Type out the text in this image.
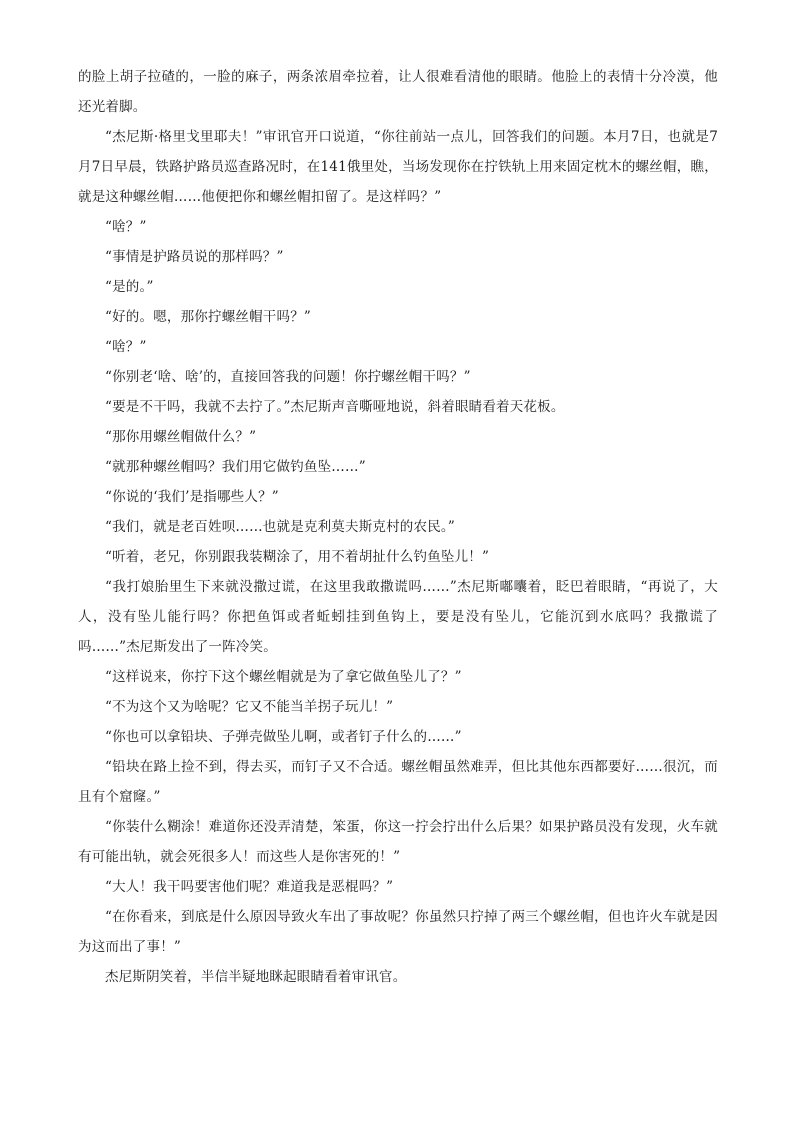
的脸上胡子拉碴的，一脸的麻子，两条浓眉牵拉着，让人很难看清他的眼睛。他脸上的表情十分冷漠，他还光着脚。

“杰尼斯·格里戈里耶夫！”审讯官开口说道，“你往前站一点儿，回答我们的问题。本月7日，也就是7月7日早晨，铁路护路员巡查路况时，在141俄里处，当场发现你在拧铁轨上用来固定枕木的螺丝帽，瞧，就是这种螺丝帽……他便把你和螺丝帽扣留了。是这样吗？”

“啥？”

“事情是护路员说的那样吗？”

“是的。”

“好的。嗯，那你拧螺丝帽干吗？”

“啥？”

“你别老‘啥、啥’的，直接回答我的问题！你拧螺丝帽干吗？”

“要是不干吗，我就不去拧了。”杰尼斯声音嘶哑地说，斜着眼睛看着天花板。

“那你用螺丝帽做什么？”

“就那种螺丝帽吗？我们用它做钓鱼坠……”

“你说的‘我们’是指哪些人？”

“我们，就是老百姓呗……也就是克利莫夫斯克村的农民。”

“听着，老兄，你别跟我装糊涂了，用不着胡扯什么钓鱼坠儿！”

“我打娘胎里生下来就没撒过谎，在这里我敢撒谎吗……”杰尼斯嘟囔着，眨巴着眼睛，“再说了，大人，没有坠儿能行吗？你把鱼饵或者蚯蚓挂到鱼钩上，要是没有坠儿，它能沉到水底吗？我撒谎了吗……”杰尼斯发出了一阵冷笑。

“这样说来，你拧下这个螺丝帽就是为了拿它做鱼坠儿了？”

“不为这个又为啥呢？它又不能当羊拐子玩儿！”

“你也可以拿铅块、子弹壳做坠儿啊，或者钉子什么的……”

“铅块在路上捡不到，得去买，而钉子又不合适。螺丝帽虽然难弄，但比其他东西都要好……很沉，而且有个窟窿。”

“你装什么糊涂！难道你还没弄清楚，笨蛋，你这一拧会拧出什么后果？如果护路员没有发现，火车就有可能出轨，就会死很多人！而这些人是你害死的！”

“大人！我干吗要害他们呢？难道我是恶棍吗？”

“在你看来，到底是什么原因导致火车出了事故呢？你虽然只拧掉了两三个螺丝帽，但也许火车就是因为这而出了事！”

杰尼斯阴笑着，半信半疑地眯起眼睛看着审讯官。
